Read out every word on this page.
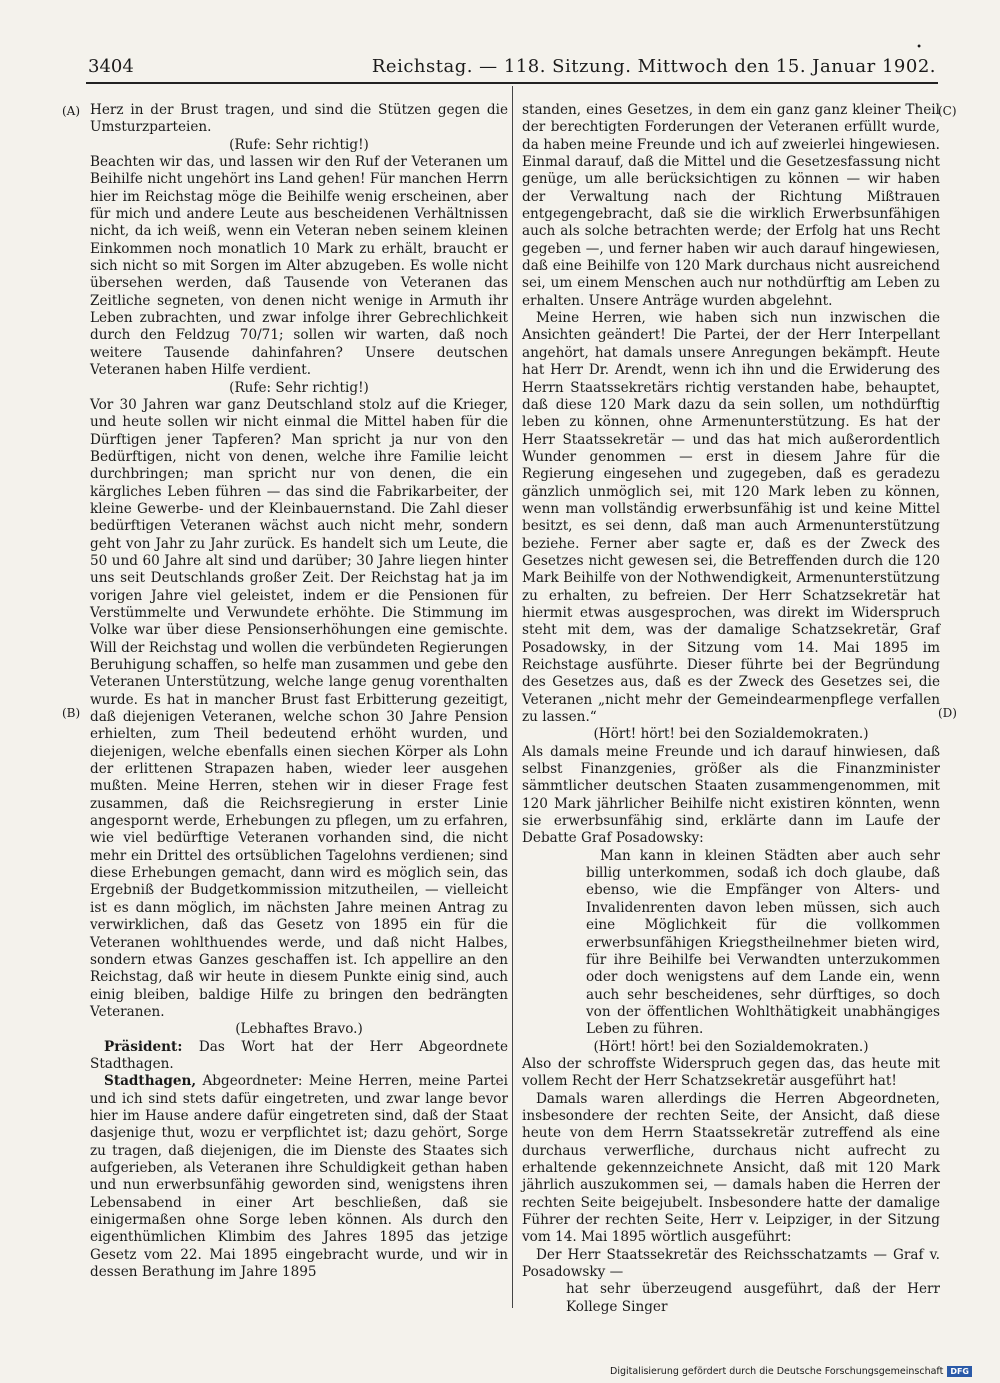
3404	Reichstag. — 118. Sitzung. Mittwoch den 15. Januar 1902.
•
(A)
(B)
(C)
(D)

Herz in der Brust tragen, und sind die Stützen gegen die Umsturzparteien.

(Rufe: Sehr richtig!)

Beachten wir das, und lassen wir den Ruf der Veteranen um Beihilfe nicht ungehört ins Land gehen! Für manchen Herrn hier im Reichstag möge die Beihilfe wenig erscheinen, aber für mich und andere Leute aus bescheidenen Verhältnissen nicht, da ich weiß, wenn ein Veteran neben seinem kleinen Einkommen noch monatlich 10 Mark zu erhält, braucht er sich nicht so mit Sorgen im Alter abzugeben. Es wolle nicht übersehen werden, daß Tausende von Veteranen das Zeitliche segneten, von denen nicht wenige in Armuth ihr Leben zubrachten, und zwar infolge ihrer Gebrechlichkeit durch den Feldzug 70/71; sollen wir warten, daß noch weitere Tausende dahinfahren? Unsere deutschen Veteranen haben Hilfe verdient.

(Rufe: Sehr richtig!)

Vor 30 Jahren war ganz Deutschland stolz auf die Krieger, und heute sollen wir nicht einmal die Mittel haben für die Dürftigen jener Tapferen? Man spricht ja nur von den Bedürftigen, nicht von denen, welche ihre Familie leicht durchbringen; man spricht nur von denen, die ein kärgliches Leben führen — das sind die Fabrikarbeiter, der kleine Gewerbe- und der Kleinbauernstand. Die Zahl dieser bedürftigen Veteranen wächst auch nicht mehr, sondern geht von Jahr zu Jahr zurück. Es handelt sich um Leute, die 50 und 60 Jahre alt sind und darüber; 30 Jahre liegen hinter uns seit Deutschlands großer Zeit. Der Reichstag hat ja im vorigen Jahre viel geleistet, indem er die Pensionen für Verstümmelte und Verwundete erhöhte. Die Stimmung im Volke war über diese Pensionserhöhungen eine gemischte. Will der Reichstag und wollen die verbündeten Regierungen Beruhigung schaffen, so helfe man zusammen und gebe den Veteranen Unterstützung, welche lange genug vorenthalten wurde. Es hat in mancher Brust fast Erbitterung gezeitigt, daß diejenigen Veteranen, welche schon 30 Jahre Pension erhielten, zum Theil bedeutend erhöht wurden, und diejenigen, welche ebenfalls einen siechen Körper als Lohn der erlittenen Strapazen haben, wieder leer ausgehen mußten. Meine Herren, stehen wir in dieser Frage fest zusammen, daß die Reichsregierung in erster Linie angespornt werde, Erhebungen zu pflegen, um zu erfahren, wie viel bedürftige Veteranen vorhanden sind, die nicht mehr ein Drittel des ortsüblichen Tagelohns verdienen; sind diese Erhebungen gemacht, dann wird es möglich sein, das Ergebniß der Budgetkommission mitzutheilen, — vielleicht ist es dann möglich, im nächsten Jahre meinen Antrag zu verwirklichen, daß das Gesetz von 1895 ein für die Veteranen wohlthuendes werde, und daß nicht Halbes, sondern etwas Ganzes geschaffen ist. Ich appellire an den Reichstag, daß wir heute in diesem Punkte einig sind, auch einig bleiben, baldige Hilfe zu bringen den bedrängten Veteranen.

(Lebhaftes Bravo.)

Präsident: Das Wort hat der Herr Abgeordnete Stadthagen.

Stadthagen, Abgeordneter: Meine Herren, meine Partei und ich sind stets dafür eingetreten, und zwar lange bevor hier im Hause andere dafür eingetreten sind, daß der Staat dasjenige thut, wozu er verpflichtet ist; dazu gehört, Sorge zu tragen, daß diejenigen, die im Dienste des Staates sich aufgerieben, als Veteranen ihre Schuldigkeit gethan haben und nun erwerbsunfähig geworden sind, wenigstens ihren Lebensabend in einer Art beschließen, daß sie einigermaßen ohne Sorge leben können. Als durch den eigenthümlichen Klimbim des Jahres 1895 das jetzige Gesetz vom 22. Mai 1895 eingebracht wurde, und wir in dessen Berathung im Jahre 1895

standen, eines Gesetzes, in dem ein ganz ganz kleiner Theil der berechtigten Forderungen der Veteranen erfüllt wurde, da haben meine Freunde und ich auf zweierlei hingewiesen. Einmal darauf, daß die Mittel und die Gesetzesfassung nicht genüge, um alle berücksichtigen zu können — wir haben der Verwaltung nach der Richtung Mißtrauen entgegengebracht, daß sie die wirklich Erwerbsunfähigen auch als solche betrachten werde; der Erfolg hat uns Recht gegeben —, und ferner haben wir auch darauf hingewiesen, daß eine Beihilfe von 120 Mark durchaus nicht ausreichend sei, um einem Menschen auch nur nothdürftig am Leben zu erhalten. Unsere Anträge wurden abgelehnt.

Meine Herren, wie haben sich nun inzwischen die Ansichten geändert! Die Partei, der der Herr Interpellant angehört, hat damals unsere Anregungen bekämpft. Heute hat Herr Dr. Arendt, wenn ich ihn und die Erwiderung des Herrn Staatssekretärs richtig verstanden habe, behauptet, daß diese 120 Mark dazu da sein sollen, um nothdürftig leben zu können, ohne Armenunterstützung. Es hat der Herr Staatssekretär — und das hat mich außerordentlich Wunder genommen — erst in diesem Jahre für die Regierung eingesehen und zugegeben, daß es geradezu gänzlich unmöglich sei, mit 120 Mark leben zu können, wenn man vollständig erwerbsunfähig ist und keine Mittel besitzt, es sei denn, daß man auch Armenunterstützung beziehe. Ferner aber sagte er, daß es der Zweck des Gesetzes nicht gewesen sei, die Betreffenden durch die 120 Mark Beihilfe von der Nothwendigkeit, Armenunterstützung zu erhalten, zu befreien. Der Herr Schatzsekretär hat hiermit etwas ausgesprochen, was direkt im Widerspruch steht mit dem, was der damalige Schatzsekretär, Graf Posadowsky, in der Sitzung vom 14. Mai 1895 im Reichstage ausführte. Dieser führte bei der Begründung des Gesetzes aus, daß es der Zweck des Gesetzes sei, die Veteranen „nicht mehr der Gemeindearmenpflege verfallen zu lassen.“

(Hört! hört! bei den Sozialdemokraten.)

Als damals meine Freunde und ich darauf hinwiesen, daß selbst Finanzgenies, größer als die Finanzminister sämmtlicher deutschen Staaten zusammengenommen, mit 120 Mark jährlicher Beihilfe nicht existiren könnten, wenn sie erwerbsunfähig sind, erklärte dann im Laufe der Debatte Graf Posadowsky:

Man kann in kleinen Städten aber auch sehr billig unterkommen, sodaß ich doch glaube, daß ebenso, wie die Empfänger von Alters- und Invalidenrenten davon leben müssen, sich auch eine Möglichkeit für die vollkommen erwerbsunfähigen Kriegstheilnehmer bieten wird, für ihre Beihilfe bei Verwandten unterzukommen oder doch wenigstens auf dem Lande ein, wenn auch sehr bescheidenes, sehr dürftiges, so doch von der öffentlichen Wohlthätigkeit unabhängiges Leben zu führen.

(Hört! hört! bei den Sozialdemokraten.)

Also der schroffste Widerspruch gegen das, das heute mit vollem Recht der Herr Schatzsekretär ausgeführt hat!

Damals waren allerdings die Herren Abgeordneten, insbesondere der rechten Seite, der Ansicht, daß diese heute von dem Herrn Staatssekretär zutreffend als eine durchaus verwerfliche, durchaus nicht aufrecht zu erhaltende gekennzeichnete Ansicht, daß mit 120 Mark jährlich auszukommen sei, — damals haben die Herren der rechten Seite beigejubelt. Insbesondere hatte der damalige Führer der rechten Seite, Herr v. Leipziger, in der Sitzung vom 14. Mai 1895 wörtlich ausgeführt:

Der Herr Staatssekretär des Reichsschatzamts — Graf v. Posadowsky —

hat sehr überzeugend ausgeführt, daß der Herr Kollege Singer

Digitalisierung gefördert durch die Deutsche Forschungsgemeinschaft DFG
